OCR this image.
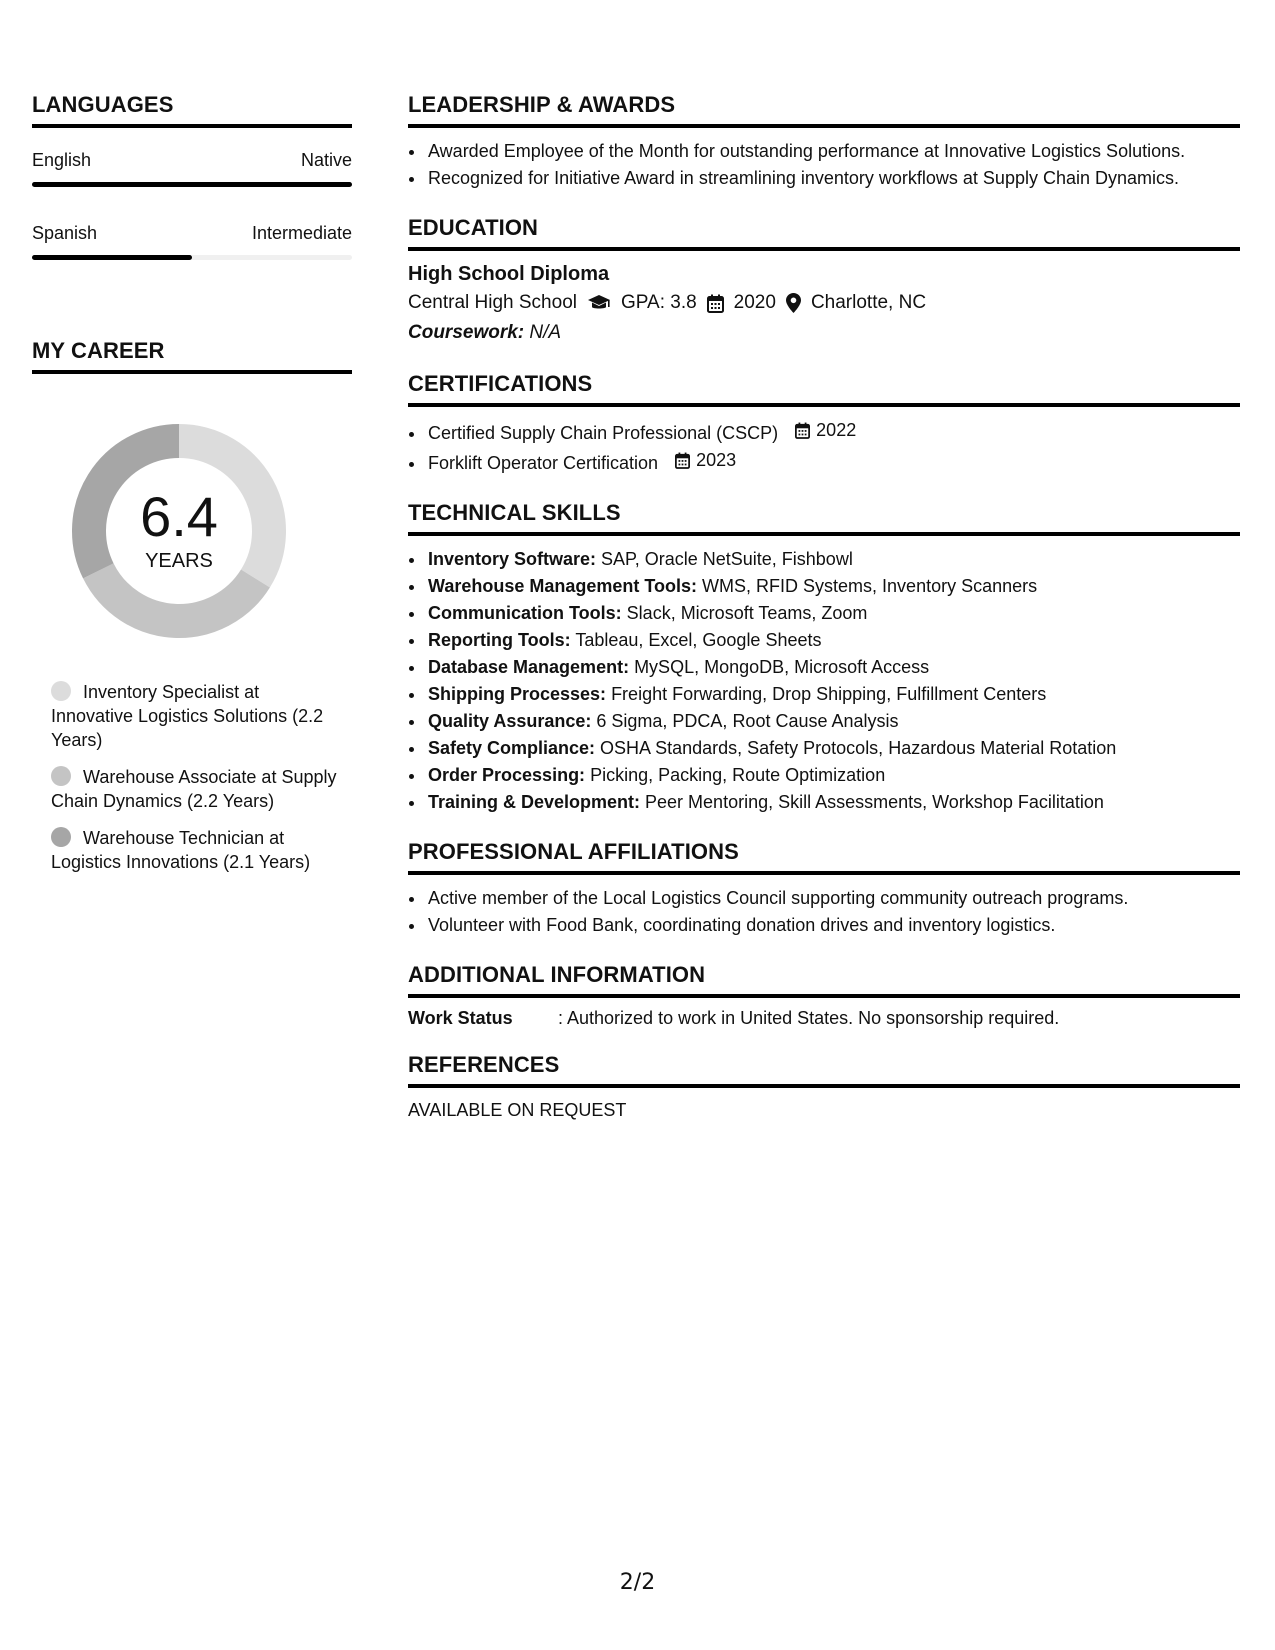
LANGUAGES
English	Native
Spanish	Intermediate
MY CAREER
6.4
YEARS
Inventory Specialist at Innovative Logistics Solutions (2.2 Years)
Warehouse Associate at Supply Chain Dynamics (2.2 Years)
Warehouse Technician at Logistics Innovations (2.1 Years)
LEADERSHIP & AWARDS
• Awarded Employee of the Month for outstanding performance at Innovative Logistics Solutions.
• Recognized for Initiative Award in streamlining inventory workflows at Supply Chain Dynamics.
EDUCATION
High School Diploma
Central High School GPA: 3.8 2020 Charlotte, NC
Coursework: N/A
CERTIFICATIONS
• Certified Supply Chain Professional (CSCP) 2022
• Forklift Operator Certification 2023
TECHNICAL SKILLS
• Inventory Software: SAP, Oracle NetSuite, Fishbowl
• Warehouse Management Tools: WMS, RFID Systems, Inventory Scanners
• Communication Tools: Slack, Microsoft Teams, Zoom
• Reporting Tools: Tableau, Excel, Google Sheets
• Database Management: MySQL, MongoDB, Microsoft Access
• Shipping Processes: Freight Forwarding, Drop Shipping, Fulfillment Centers
• Quality Assurance: 6 Sigma, PDCA, Root Cause Analysis
• Safety Compliance: OSHA Standards, Safety Protocols, Hazardous Material Rotation
• Order Processing: Picking, Packing, Route Optimization
• Training & Development: Peer Mentoring, Skill Assessments, Workshop Facilitation
PROFESSIONAL AFFILIATIONS
• Active member of the Local Logistics Council supporting community outreach programs.
• Volunteer with Food Bank, coordinating donation drives and inventory logistics.
ADDITIONAL INFORMATION
Work Status	: Authorized to work in United States. No sponsorship required.
REFERENCES
AVAILABLE ON REQUEST
2/2
